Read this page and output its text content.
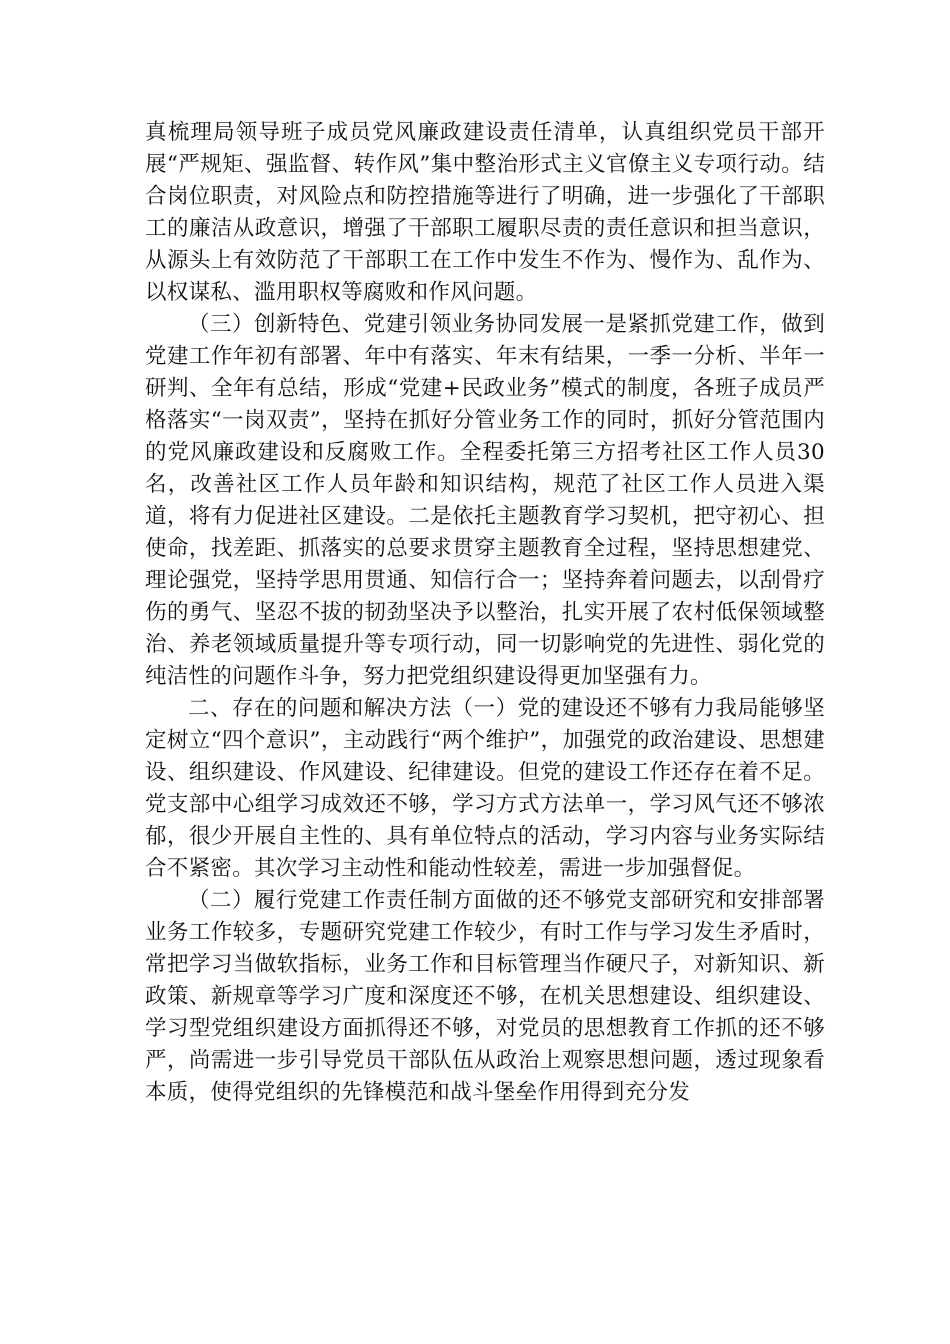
真梳理局领导班子成员党风廉政建设责任清单，认真组织党员干部开展“严规矩、强监督、转作风”集中整治形式主义官僚主义专项行动。结合岗位职责，对风险点和防控措施等进行了明确，进一步强化了干部职工的廉洁从政意识，增强了干部职工履职尽责的责任意识和担当意识，从源头上有效防范了干部职工在工作中发生不作为、慢作为、乱作为、以权谋私、滥用职权等腐败和作风问题。

（三）创新特色、党建引领业务协同发展一是紧抓党建工作，做到党建工作年初有部署、年中有落实、年末有结果，一季一分析、半年一研判、全年有总结，形成“党建+民政业务”模式的制度，各班子成员严格落实“一岗双责”，坚持在抓好分管业务工作的同时，抓好分管范围内的党风廉政建设和反腐败工作。全程委托第三方招考社区工作人员30名，改善社区工作人员年龄和知识结构，规范了社区工作人员进入渠道，将有力促进社区建设。二是依托主题教育学习契机，把守初心、担使命，找差距、抓落实的总要求贯穿主题教育全过程，坚持思想建党、理论强党，坚持学思用贯通、知信行合一；坚持奔着问题去，以刮骨疗伤的勇气、坚忍不拔的韧劲坚决予以整治，扎实开展了农村低保领域整治、养老领域质量提升等专项行动，同一切影响党的先进性、弱化党的纯洁性的问题作斗争，努力把党组织建设得更加坚强有力。

二、存在的问题和解决方法（一）党的建设还不够有力我局能够坚定树立“四个意识”，主动践行“两个维护”，加强党的政治建设、思想建设、组织建设、作风建设、纪律建设。但党的建设工作还存在着不足。党支部中心组学习成效还不够，学习方式方法单一，学习风气还不够浓郁，很少开展自主性的、具有单位特点的活动，学习内容与业务实际结合不紧密。其次学习主动性和能动性较差，需进一步加强督促。

（二）履行党建工作责任制方面做的还不够党支部研究和安排部署业务工作较多，专题研究党建工作较少，有时工作与学习发生矛盾时，常把学习当做软指标，业务工作和目标管理当作硬尺子，对新知识、新政策、新规章等学习广度和深度还不够，在机关思想建设、组织建设、学习型党组织建设方面抓得还不够，对党员的思想教育工作抓的还不够严，尚需进一步引导党员干部队伍从政治上观察思想问题，透过现象看本质，使得党组织的先锋模范和战斗堡垒作用得到充分发
